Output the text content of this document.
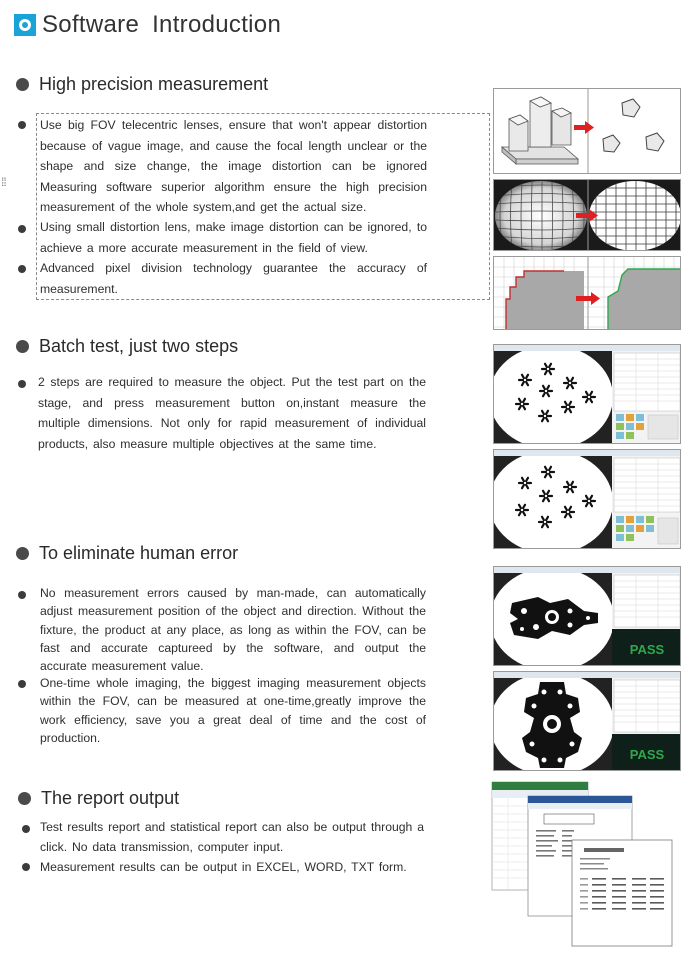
Software Introduction
High precision measurement
⁞⁞

Use big FOV telecentric lenses, ensure that won't appear distortion because of vague image, and cause the focal length unclear or the shape and size change, the image distortion can be ignored Measuring software superior algorithm ensure the high precision measurement of the whole system,and get the actual size.

Using small distortion lens, make image distortion can be ignored, to achieve a more accurate measurement in the field of view.

Advanced pixel division technology guarantee the accuracy of measurement.

Batch test, just two steps

2 steps are required to measure the object. Put the test part on the stage, and press measurement button on,instant measure the multiple dimensions. Not only for rapid measurement of individual products, also measure multiple objectives at the same time.

To eliminate human error

No measurement errors caused by man-made, can automatically adjust measurement position of the object and direction. Without the fixture, the product at any place, as long as within the FOV, can be fast and accurate captureed by the software, and output the accurate measurement value.

One-time whole imaging, the biggest imaging measurement objects within the FOV, can be measured at one-time,greatly improve the work efficiency, save you a great deal of time and the cost of production.

The report output

Test results report and statistical report can also be output through a click. No data transmission, computer input.

Measurement results can be output in EXCEL, WORD, TXT form.

PASS
PASS
